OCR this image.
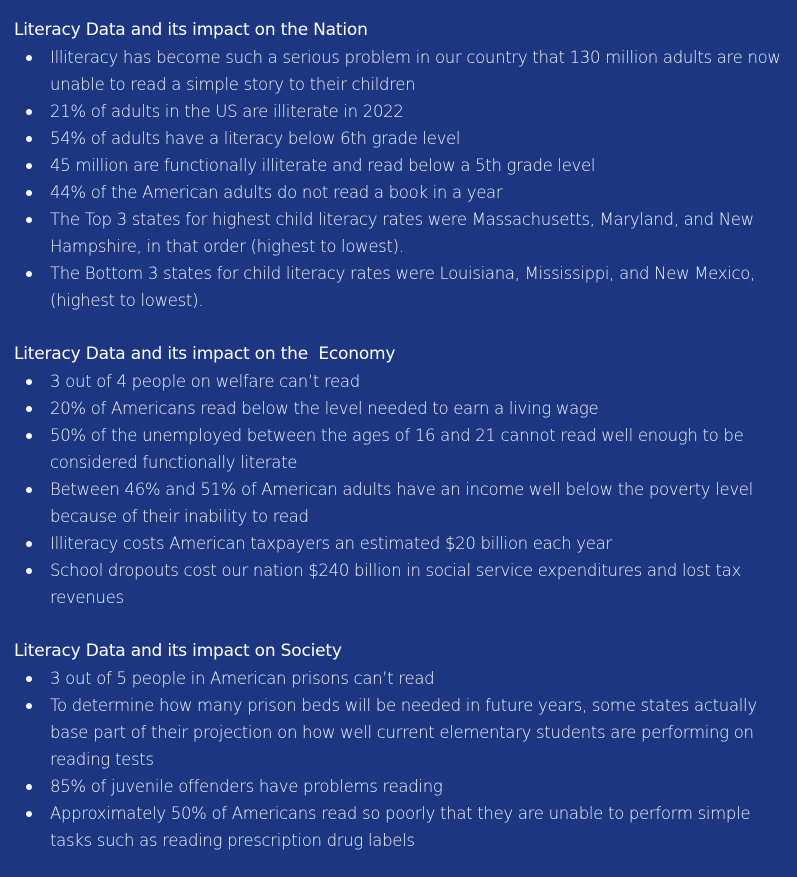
Literacy Data and its impact on the Nation
Illiteracy has become such a serious problem in our country that 130 million adults are now unable to read a simple story to their children
21% of adults in the US are illiterate in 2022
54% of adults have a literacy below 6th grade level
45 million are functionally illiterate and read below a 5th grade level
44% of the American adults do not read a book in a year
The Top 3 states for highest child literacy rates were Massachusetts, Maryland, and New Hampshire, in that order (highest to lowest).
The Bottom 3 states for child literacy rates were Louisiana, Mississippi, and New Mexico, (highest to lowest).
Literacy Data and its impact on the  Economy
3 out of 4 people on welfare can’t read
20% of Americans read below the level needed to earn a living wage
50% of the unemployed between the ages of 16 and 21 cannot read well enough to be considered functionally literate
Between 46% and 51% of American adults have an income well below the poverty level because of their inability to read
Illiteracy costs American taxpayers an estimated $20 billion each year
School dropouts cost our nation $240 billion in social service expenditures and lost tax revenues
Literacy Data and its impact on Society
3 out of 5 people in American prisons can’t read
To determine how many prison beds will be needed in future years, some states actually base part of their projection on how well current elementary students are performing on reading tests
85% of juvenile offenders have problems reading
Approximately 50% of Americans read so poorly that they are unable to perform simple tasks such as reading prescription drug labels
